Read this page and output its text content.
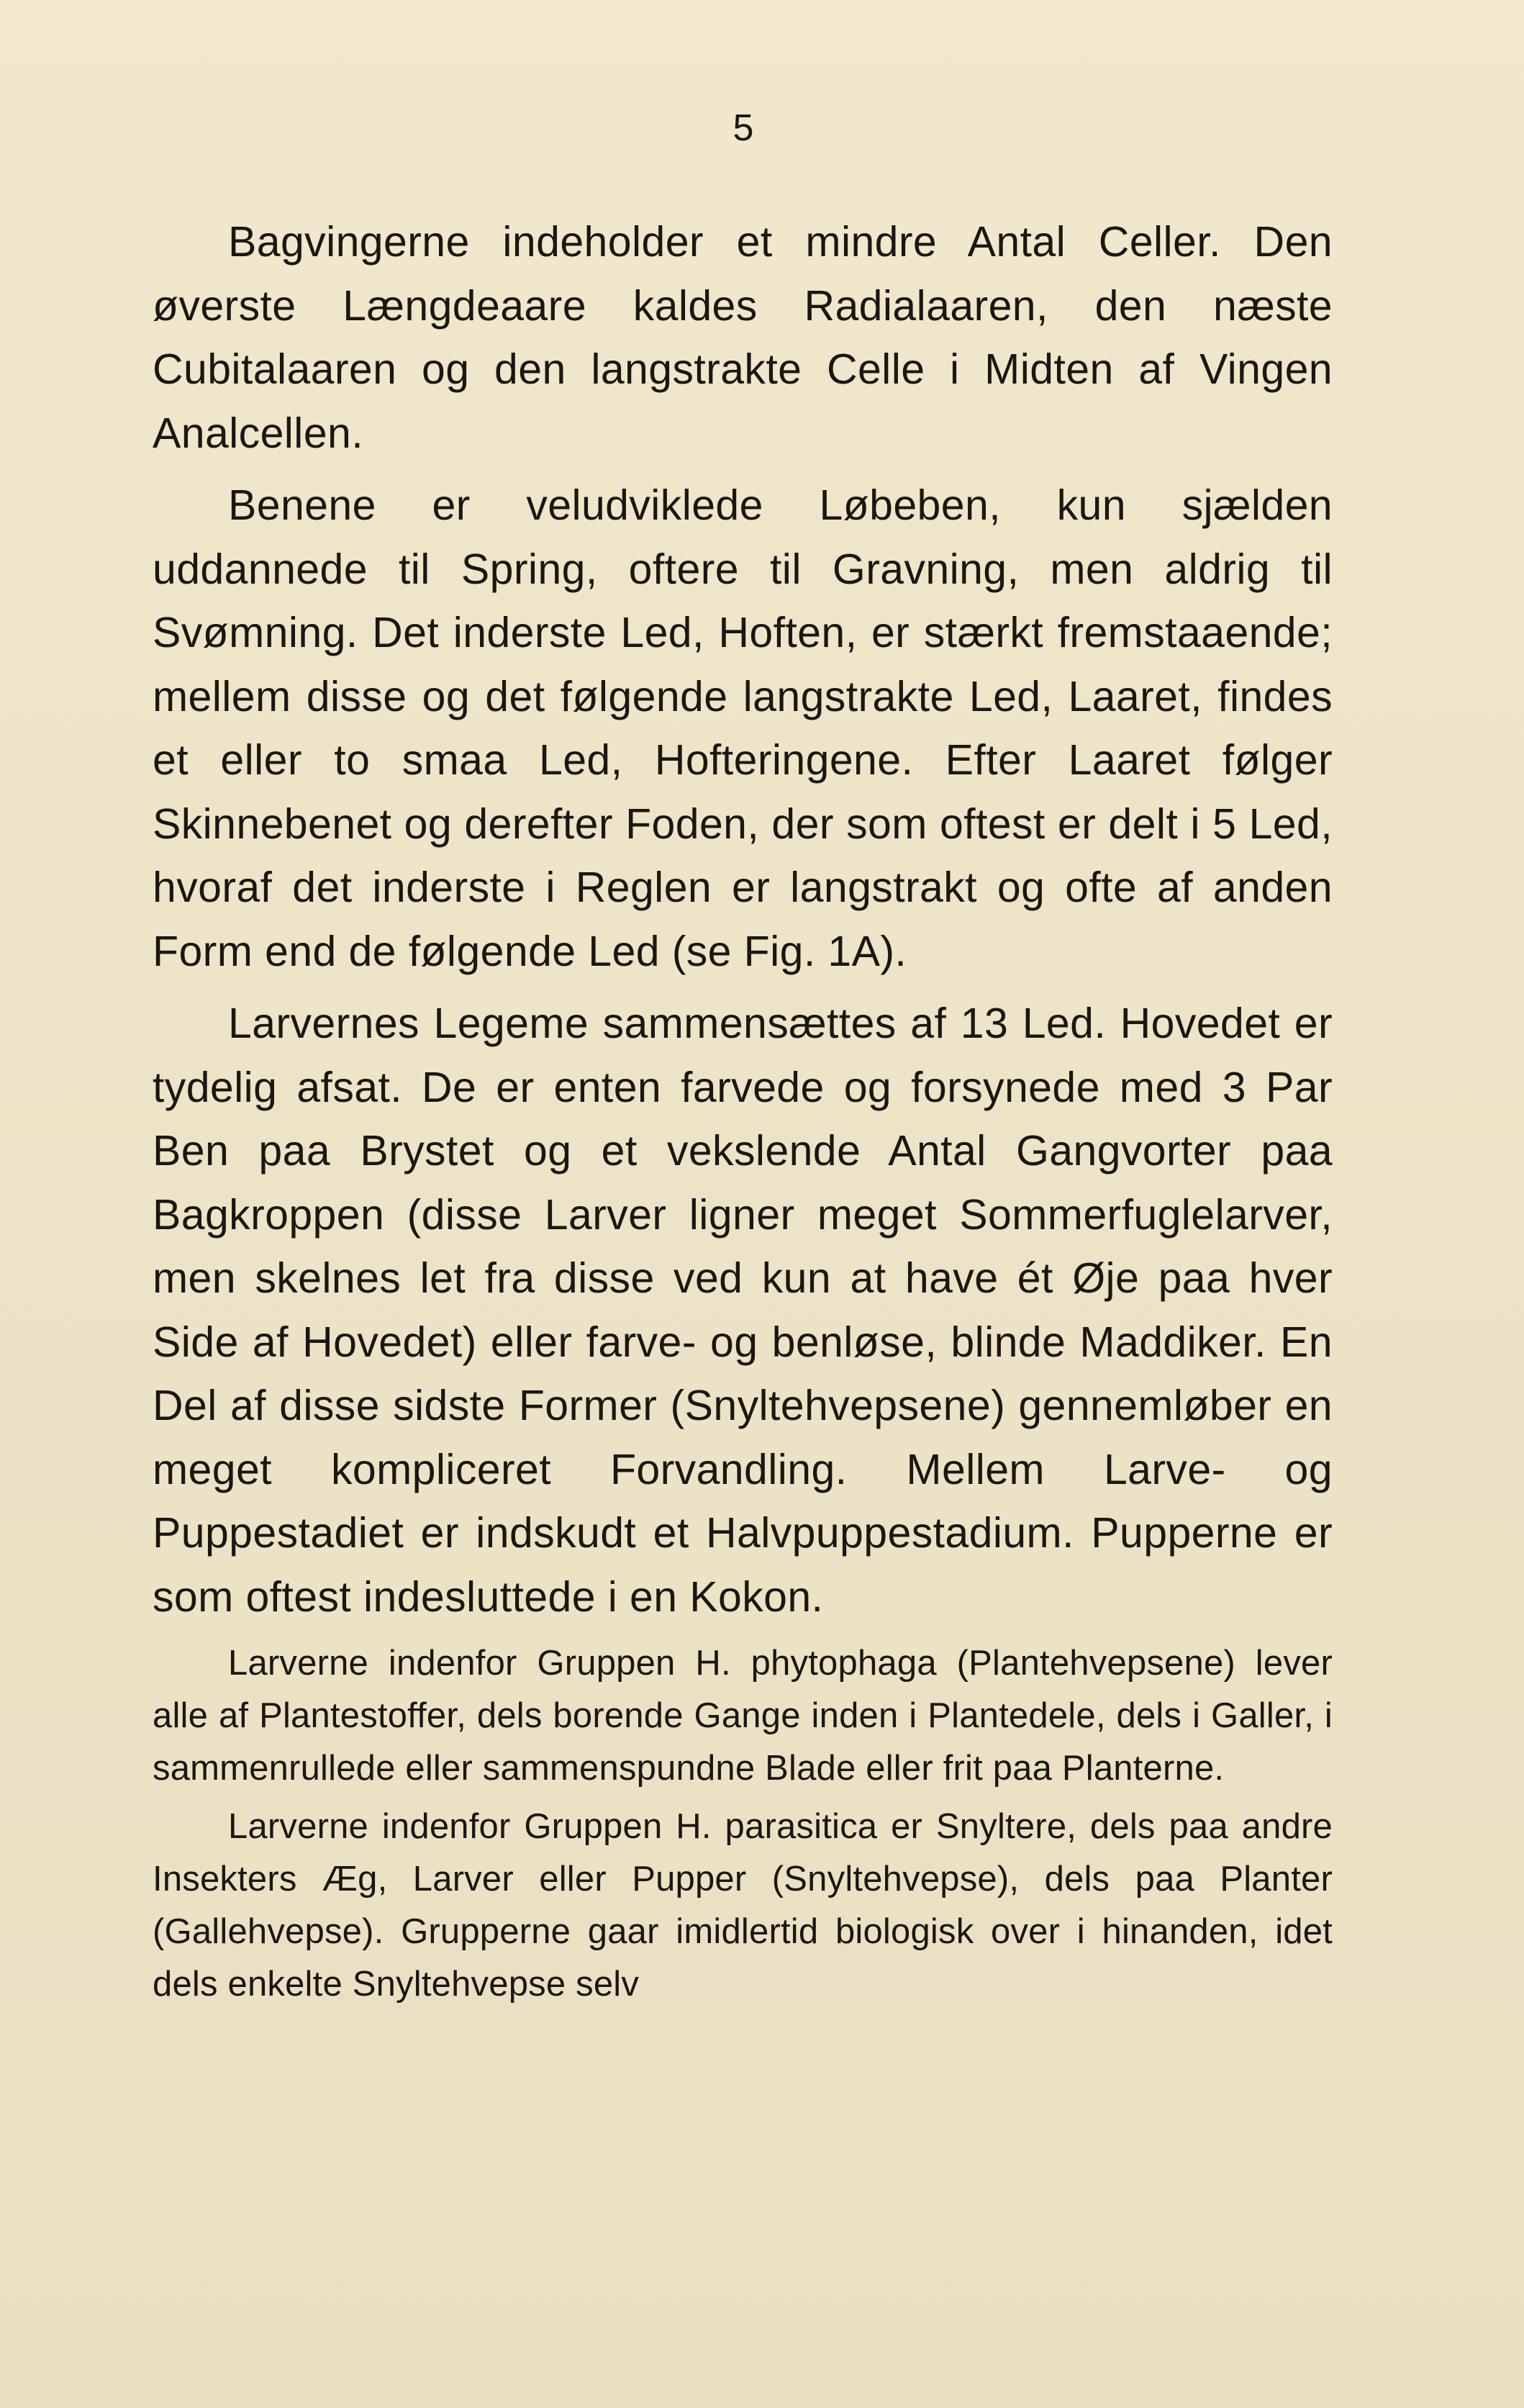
5

Bagvingerne indeholder et mindre Antal Celler. Den øverste Længdeaare kaldes Radialaaren, den næste Cubitalaaren og den langstrakte Celle i Midten af Vingen Analcellen.

Benene er veludviklede Løbeben, kun sjælden uddannede til Spring, oftere til Gravning, men aldrig til Svømning. Det inderste Led, Hoften, er stærkt fremstaaende; mellem disse og det følgende langstrakte Led, Laaret, findes et eller to smaa Led, Hofteringene. Efter Laaret følger Skinnebenet og derefter Foden, der som oftest er delt i 5 Led, hvoraf det inderste i Reglen er langstrakt og ofte af anden Form end de følgende Led (se Fig. 1A).

Larvernes Legeme sammensættes af 13 Led. Hovedet er tydelig afsat. De er enten farvede og forsynede med 3 Par Ben paa Brystet og et vekslende Antal Gangvorter paa Bagkroppen (disse Larver ligner meget Sommerfuglelarver, men skelnes let fra disse ved kun at have ét Øje paa hver Side af Hovedet) eller farve- og benløse, blinde Maddiker. En Del af disse sidste Former (Snyltehvepsene) gennemløber en meget kompliceret Forvandling. Mellem Larve- og Puppestadiet er indskudt et Halvpuppestadium. Pupperne er som oftest indesluttede i en Kokon.

Larverne indenfor Gruppen H. phytophaga (Plantehvepsene) lever alle af Plantestoffer, dels borende Gange inden i Plantedele, dels i Galler, i sammenrullede eller sammenspundne Blade eller frit paa Planterne.

Larverne indenfor Gruppen H. parasitica er Snyltere, dels paa andre Insekters Æg, Larver eller Pupper (Snyltehvepse), dels paa Planter (Gallehvepse). Grupperne gaar imidlertid biologisk over i hinanden, idet dels enkelte Snyltehvepse selv
